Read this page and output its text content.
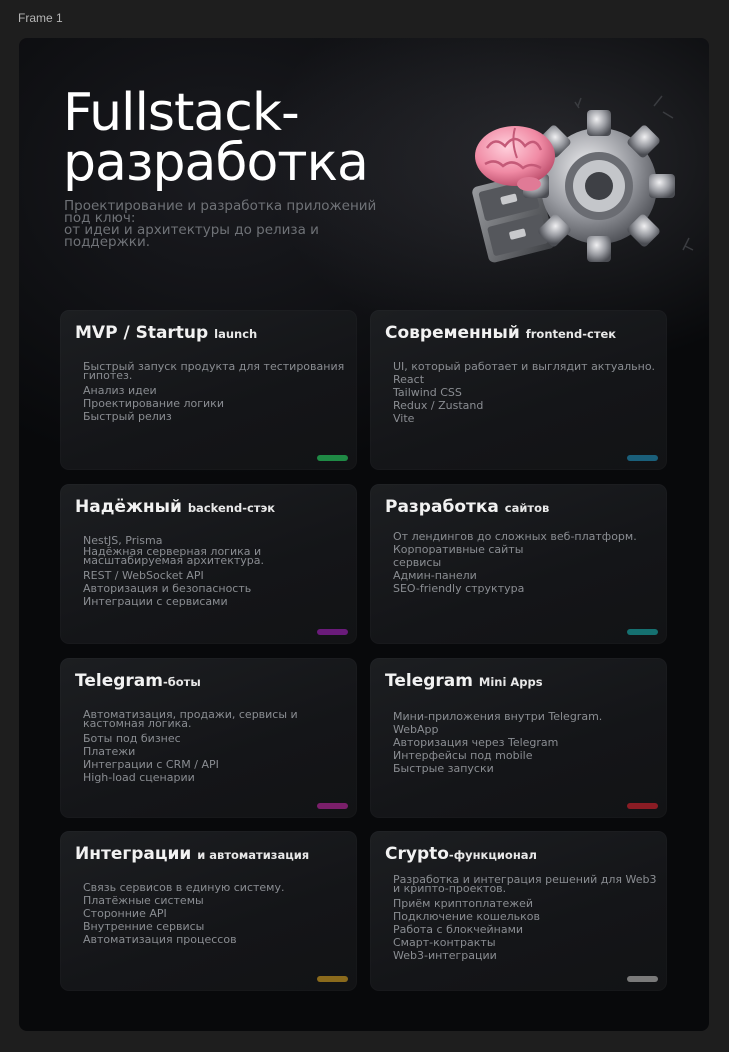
Frame 1
Fullstack-
разработка

Проектирование и разработка приложений
под ключ:
от идеи и архитектуры до релиза и
поддержки.

MVP / Startup launch
Быстрый запуск продукта для тестирования гипотез.
Анализ идеи
Проектирование логики
Быстрый релиз
Современный frontend-стек
UI, который работает и выглядит актуально.
React
Tailwind CSS
Redux / Zustand
Vite
Надёжный backend-стэк
NestJS, Prisma
Надёжная серверная логика и масштабируемая архитектура.
REST / WebSocket API
Авторизация и безопасность
Интеграции с сервисами
Разработка сайтов
От лендингов до сложных веб-платформ.
Корпоративные сайты
сервисы
Админ-панели
SEO-friendly структура
Telegram-боты
Автоматизация, продажи, сервисы и кастомная логика.
Боты под бизнес
Платежи
Интеграции с CRM / API
High-load сценарии
Telegram Mini Apps
Мини-приложения внутри Telegram.
WebApp
Авторизация через Telegram
Интерфейсы под mobile
Быстрые запуски
Интеграции и автоматизация
Связь сервисов в единую систему.
Платёжные системы
Сторонние API
Внутренние сервисы
Автоматизация процессов
Crypto-функционал
Разработка и интеграция решений для Web3 и крипто-проектов.
Приём криптоплатежей
Подключение кошельков
Работа с блокчейнами
Смарт-контракты
Web3-интеграции
